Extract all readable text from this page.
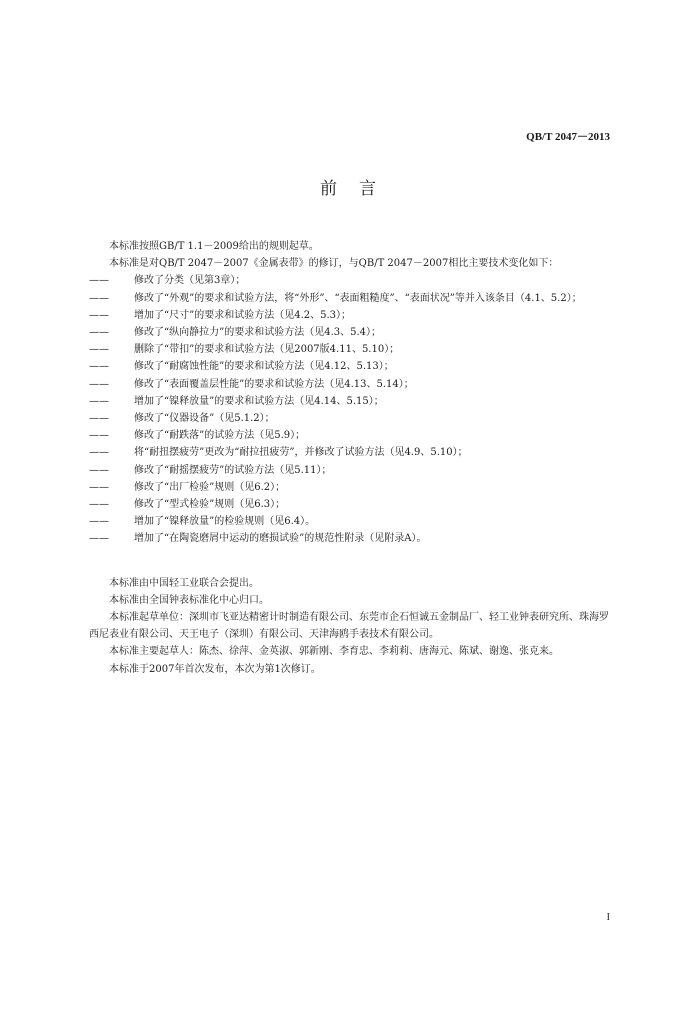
QB/T 2047－2013
前言

本标准按照GB/T 1.1－2009给出的规则起草。

本标准是对QB/T 2047－2007《金属表带》的修订，与QB/T 2047－2007相比主要技术变化如下：

——	修改了分类（见第3章）；

——	修改了“外观”的要求和试验方法，将“外形”、“表面粗糙度”、“表面状况”等并入该条目（4.1、5.2）；

——	增加了“尺寸”的要求和试验方法（见4.2、5.3）；

——	修改了“纵向静拉力”的要求和试验方法（见4.3、5.4）；

——	删除了“带扣”的要求和试验方法（见2007版4.11、5.10）；

——	修改了“耐腐蚀性能”的要求和试验方法（见4.12、5.13）；

——	修改了“表面覆盖层性能”的要求和试验方法（见4.13、5.14）；

——	增加了“镍释放量”的要求和试验方法（见4.14、5.15）；

——	修改了“仪器设备”（见5.1.2）；

——	修改了“耐跌落”的试验方法（见5.9）；

——	将“耐扭摆疲劳”更改为“耐拉扭疲劳”，并修改了试验方法（见4.9、5.10）；

——	修改了“耐摇摆疲劳”的试验方法（见5.11）；

——	修改了“出厂检验”规则（见6.2）；

——	修改了“型式检验”规则（见6.3）；

——	增加了“镍释放量”的检验规则（见6.4）。

——	增加了“在陶瓷磨屑中运动的磨损试验”的规范性附录（见附录A）。

本标准由中国轻工业联合会提出。

本标准由全国钟表标准化中心归口。

本标准起草单位：深圳市飞亚达精密计时制造有限公司、东莞市企石恒诚五金制品厂、轻工业钟表研究所、珠海罗西尼表业有限公司、天王电子（深圳）有限公司、天津海鸥手表技术有限公司。

本标准主要起草人：陈杰、徐萍、金英淑、郭新刚、李育忠、李莉莉、唐海元、陈斌、谢逸、张克来。

本标准于2007年首次发布，本次为第1次修订。

I
